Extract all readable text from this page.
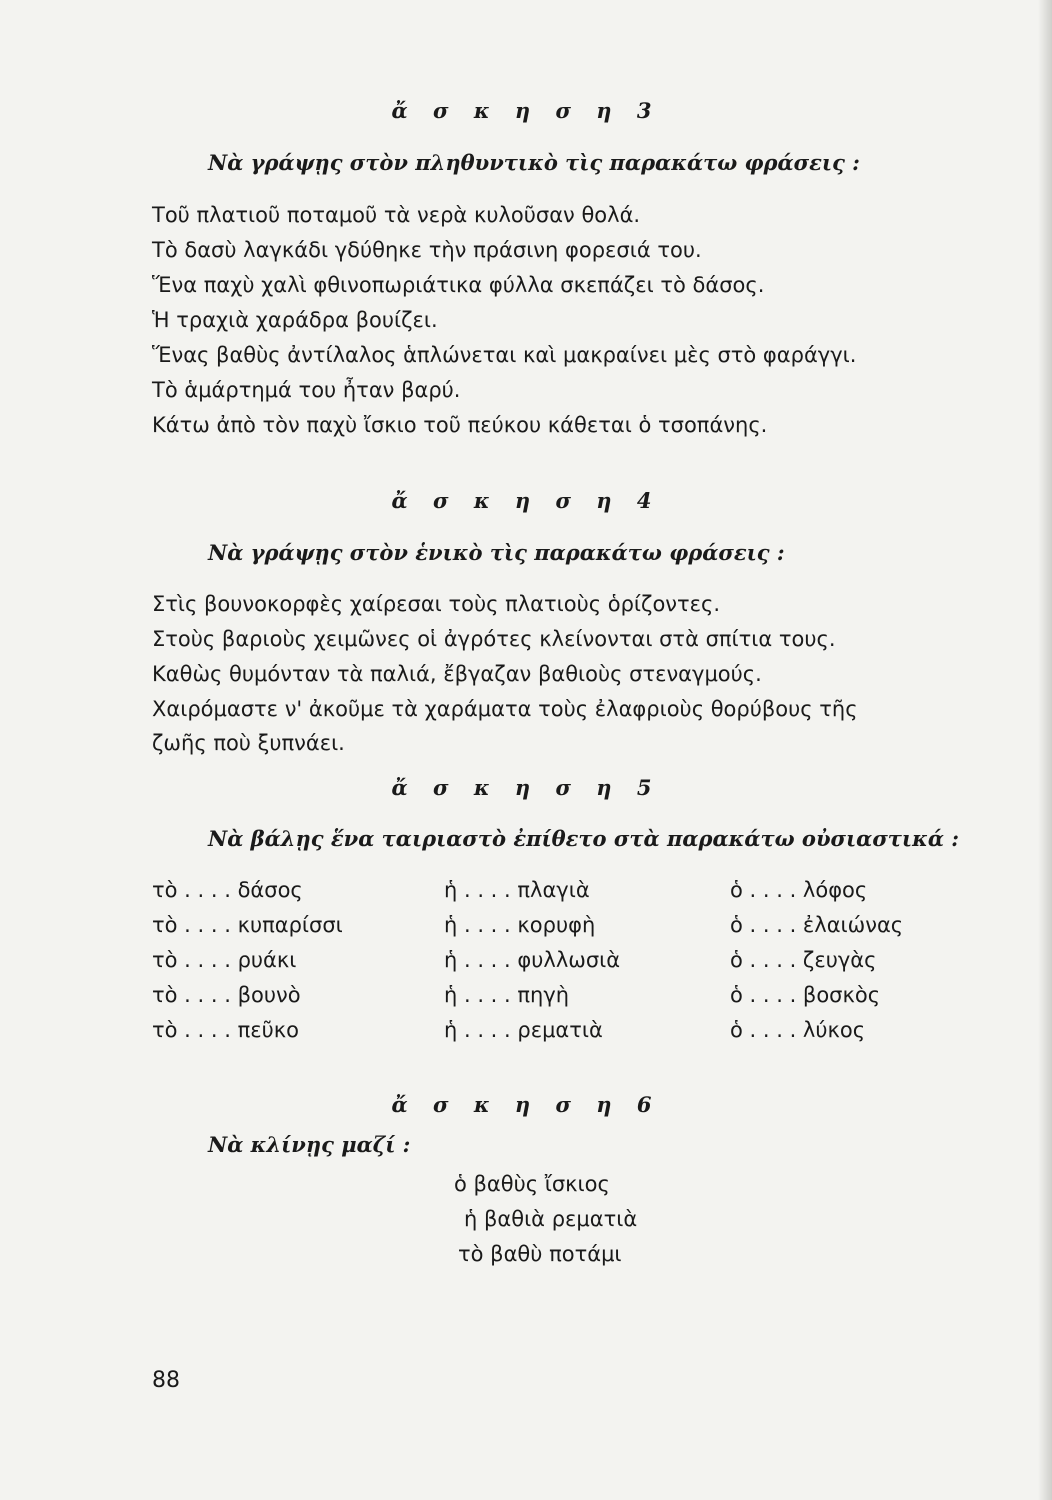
ἄ σ κ η σ η 3
Νὰ γράψῃς στὸν πληθυντικὸ τὶς παρακάτω φράσεις :
Τοῦ πλατιοῦ ποταμοῦ τὰ νερὰ κυλοῦσαν θολά.
Τὸ δασὺ λαγκάδι γδύθηκε τὴν πράσινη φορεσιά του.
Ἕνα παχὺ χαλὶ φθινοπωριάτικα φύλλα σκεπάζει τὸ δάσος.
Ἡ τραχιὰ χαράδρα βουίζει.
Ἕνας βαθὺς ἀντίλαλος ἁπλώνεται καὶ μακραίνει μὲς στὸ φαράγγι.
Τὸ ἁμάρτημά του ἦταν βαρύ.
Κάτω ἀπὸ τὸν παχὺ ἴσκιο τοῦ πεύκου κάθεται ὁ τσοπάνης.
ἄ σ κ η σ η 4
Νὰ γράψῃς στὸν ἑνικὸ τὶς παρακάτω φράσεις :
Στὶς βουνοκορφὲς χαίρεσαι τοὺς πλατιοὺς ὁρίζοντες.
Στοὺς βαριοὺς χειμῶνες οἱ ἀγρότες κλείνονται στὰ σπίτια τους.
Καθὼς θυμόνταν τὰ παλιά, ἔβγαζαν βαθιοὺς στεναγμούς.
Χαιρόμαστε ν' ἀκοῦμε τὰ χαράματα τοὺς ἐλαφριοὺς θορύβους τῆς
ζωῆς ποὺ ξυπνάει.
ἄ σ κ η σ η 5
Νὰ βάλῃς ἕνα ταιριαστὸ ἐπίθετο στὰ παρακάτω οὐσιαστικά :
τὸ . . . . δάσος	ἡ . . . . πλαγιὰ	ὁ . . . . λόφος
τὸ . . . . κυπαρίσσι	ἡ . . . . κορυφὴ	ὁ . . . . ἐλαιώνας
τὸ . . . . ρυάκι	ἡ . . . . φυλλωσιὰ	ὁ . . . . ζευγὰς
τὸ . . . . βουνὸ	ἡ . . . . πηγὴ	ὁ . . . . βοσκὸς
τὸ . . . . πεῦκο	ἡ . . . . ρεματιὰ	ὁ . . . . λύκος
ἄ σ κ η σ η 6
Νὰ κλίνῃς μαζί :
ὁ βαθὺς ἴσκιος
ἡ βαθιὰ ρεματιὰ
τὸ βαθὺ ποτάμι
88
